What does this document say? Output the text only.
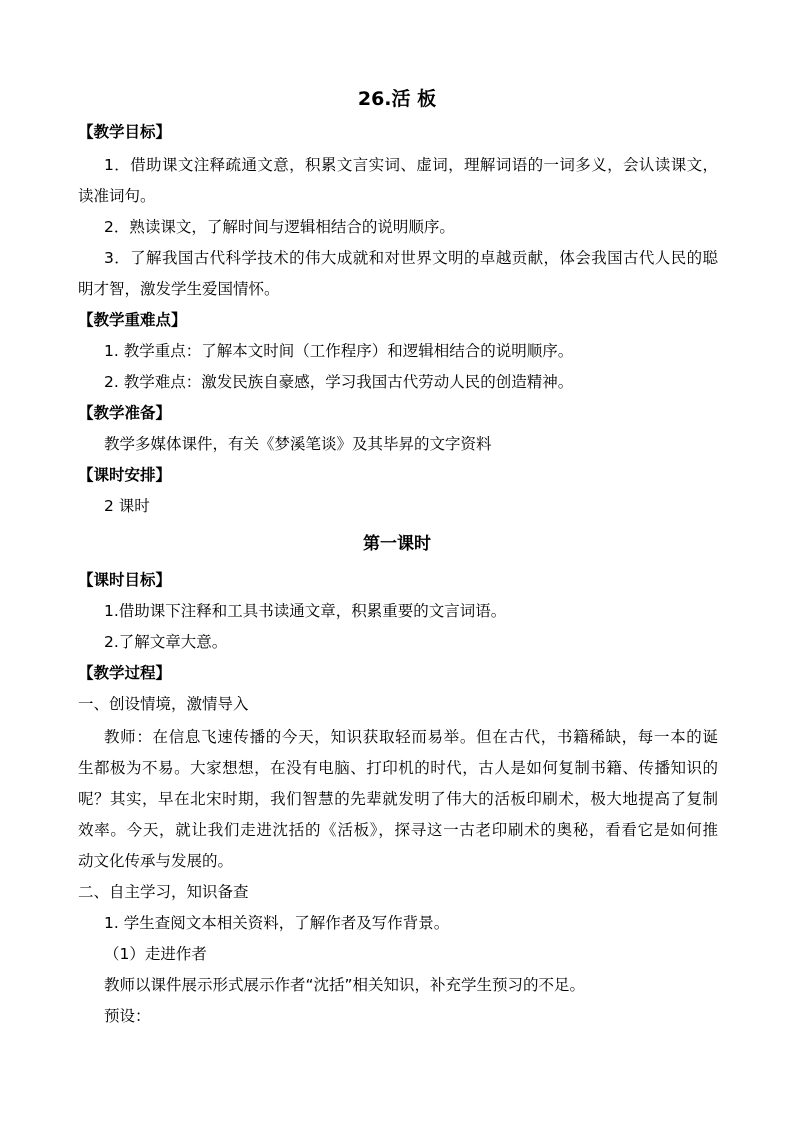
26.活 板
【教学目标】
1．借助课文注释疏通文意，积累文言实词、虚词，理解词语的一词多义，会认读课文，
读准词句。
2．熟读课文，了解时间与逻辑相结合的说明顺序。
3．了解我国古代科学技术的伟大成就和对世界文明的卓越贡献，体会我国古代人民的聪
明才智，激发学生爱国情怀。
【教学重难点】
1. 教学重点：了解本文时间（工作程序）和逻辑相结合的说明顺序。
2. 教学难点：激发民族自豪感，学习我国古代劳动人民的创造精神。
【教学准备】
教学多媒体课件，有关《梦溪笔谈》及其毕昇的文字资料
【课时安排】
2 课时
第一课时
【课时目标】
1.借助课下注释和工具书读通文章，积累重要的文言词语。
2.了解文章大意。
【教学过程】
一、创设情境，激情导入
教师：在信息飞速传播的今天，知识获取轻而易举。但在古代，书籍稀缺，每一本的诞
生都极为不易。大家想想，在没有电脑、打印机的时代，古人是如何复制书籍、传播知识的
呢？其实，早在北宋时期，我们智慧的先辈就发明了伟大的活板印刷术，极大地提高了复制
效率。今天，就让我们走进沈括的《活板》，探寻这一古老印刷术的奥秘，看看它是如何推
动文化传承与发展的。
二、自主学习，知识备查
1. 学生查阅文本相关资料，了解作者及写作背景。
（1）走进作者
教师以课件展示形式展示作者“沈括”相关知识，补充学生预习的不足。
预设：
